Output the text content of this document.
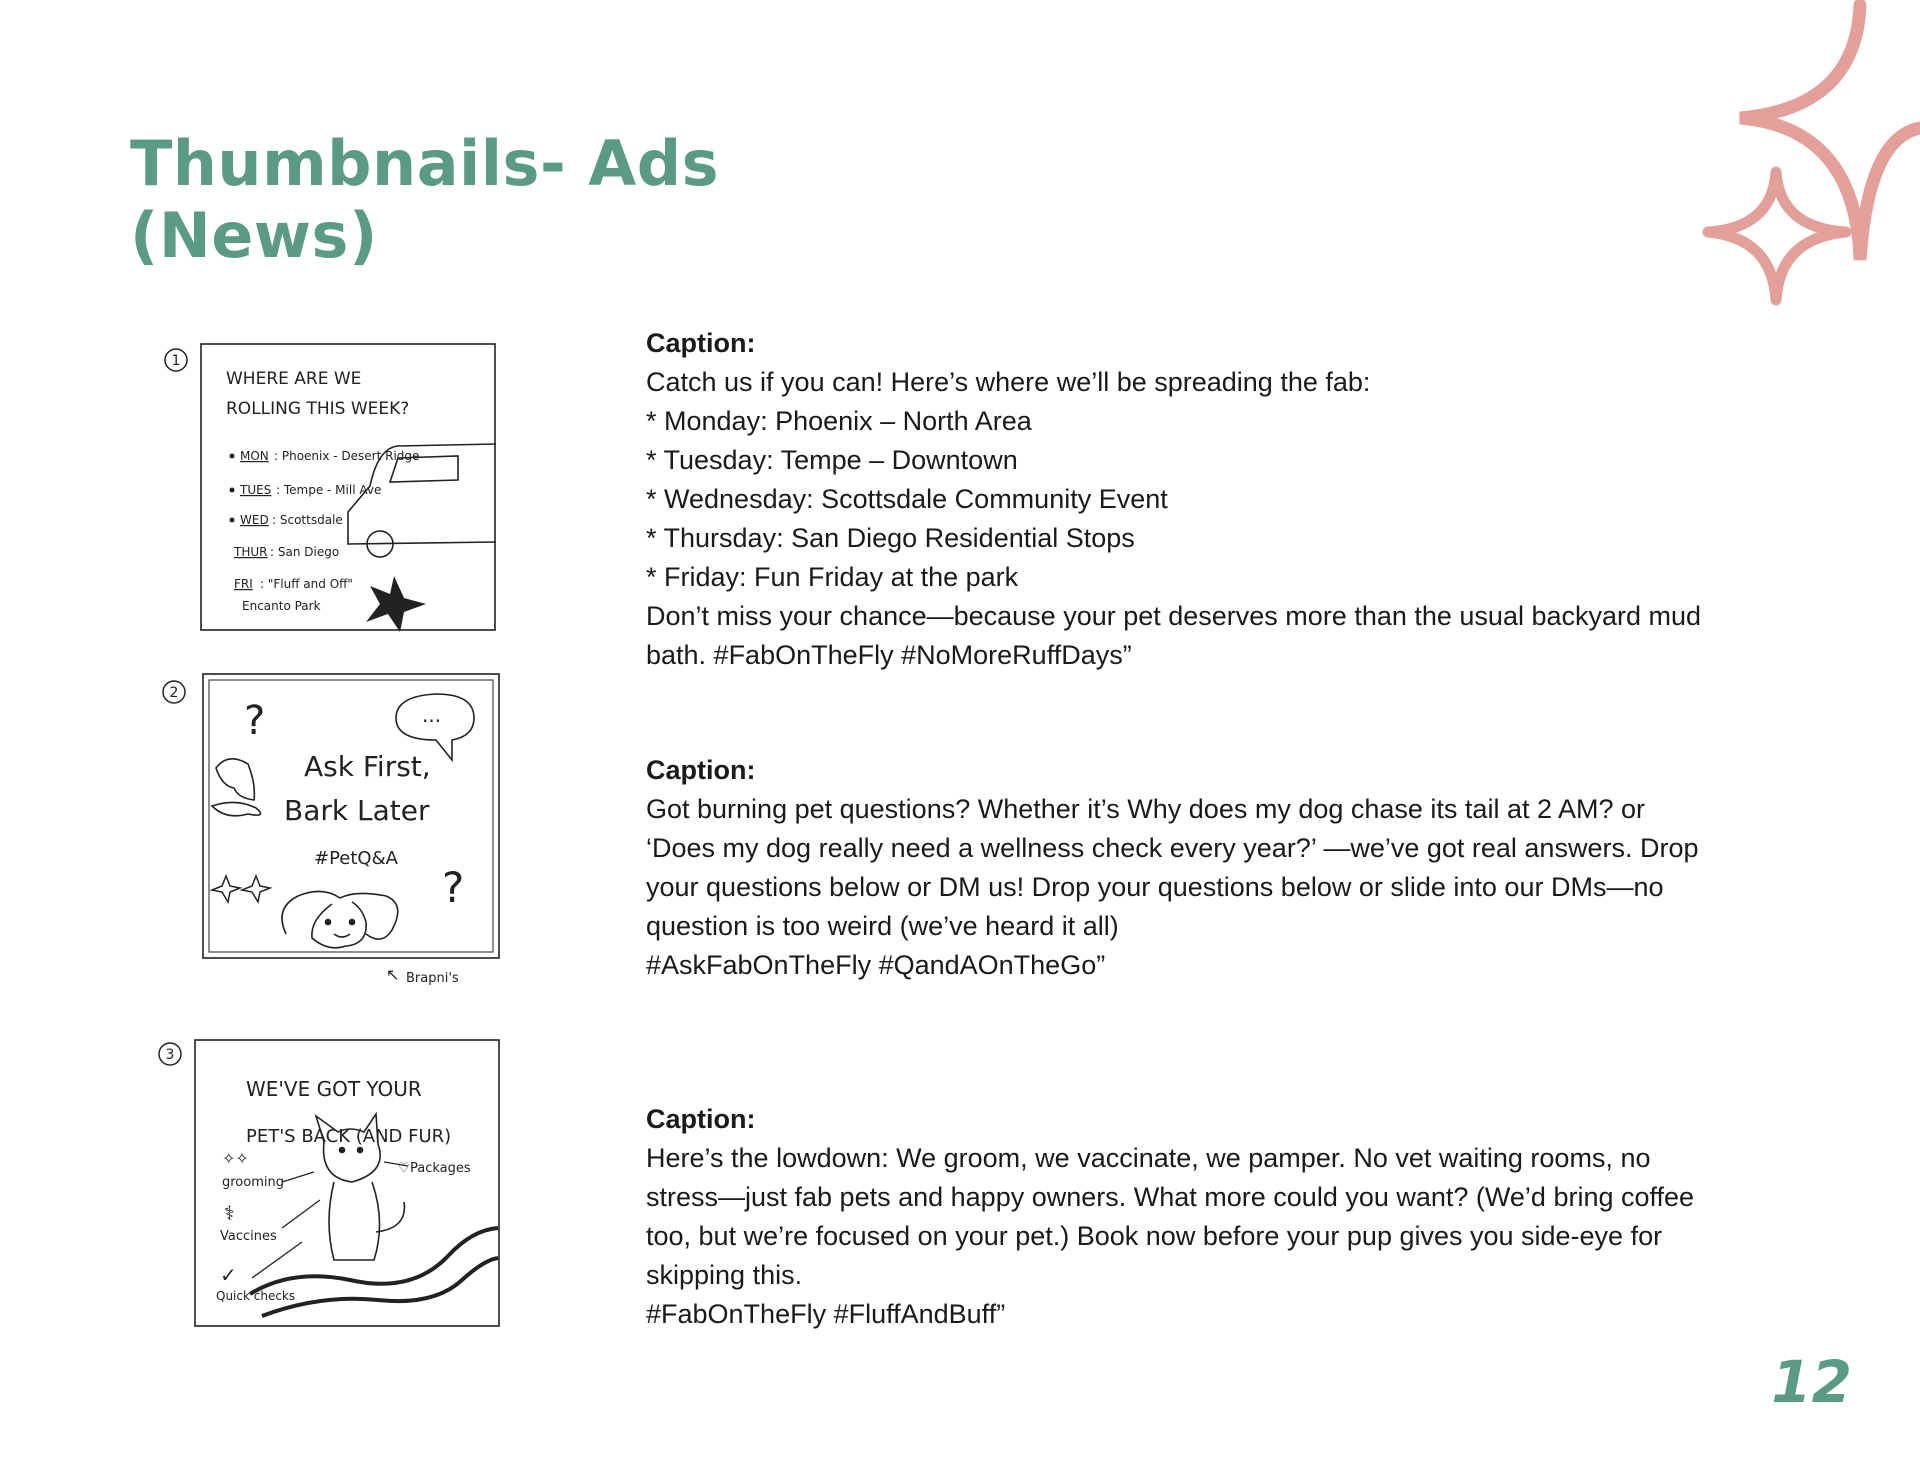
Thumbnails- Ads
(News)
1
WHERE ARE WE
ROLLING THIS WEEK?
MON : Phoenix - Desert Ridge
TUES : Tempe - Mill Ave
WED : Scottsdale
THUR : San Diego
FRI : "Fluff and Off"
Encanto Park
2
Ask First,
Bark Later
#PetQ&A
...
?
?
↖ Brapni's
3
WE'VE GOT YOUR
PET'S BACK (AND FUR)
grooming
Packages
Vaccines
Quick checks
✧✧
♡
⚕
✓

Caption:

Catch us if you can! Here’s where we’ll be spreading the fab:

* Monday: Phoenix – North Area

* Tuesday: Tempe – Downtown

* Wednesday: Scottsdale Community Event

* Thursday: San Diego Residential Stops

* Friday: Fun Friday at the park

Don’t miss your chance—because your pet deserves more than the usual backyard mud bath. #FabOnTheFly #NoMoreRuffDays”

Caption:

Got burning pet questions? Whether it’s Why does my dog chase its tail at 2 AM? or ‘Does my dog really need a wellness check every year?’ —we’ve got real answers. Drop your questions below or DM us! Drop your questions below or slide into our DMs—no question is too weird (we’ve heard it all)

#AskFabOnTheFly #QandAOnTheGo”

Caption:

Here’s the lowdown: We groom, we vaccinate, we pamper. No vet waiting rooms, no stress—just fab pets and happy owners. What more could you want? (We’d bring coffee too, but we’re focused on your pet.) Book now before your pup gives you side-eye for skipping this.

#FabOnTheFly #FluffAndBuff”

12
